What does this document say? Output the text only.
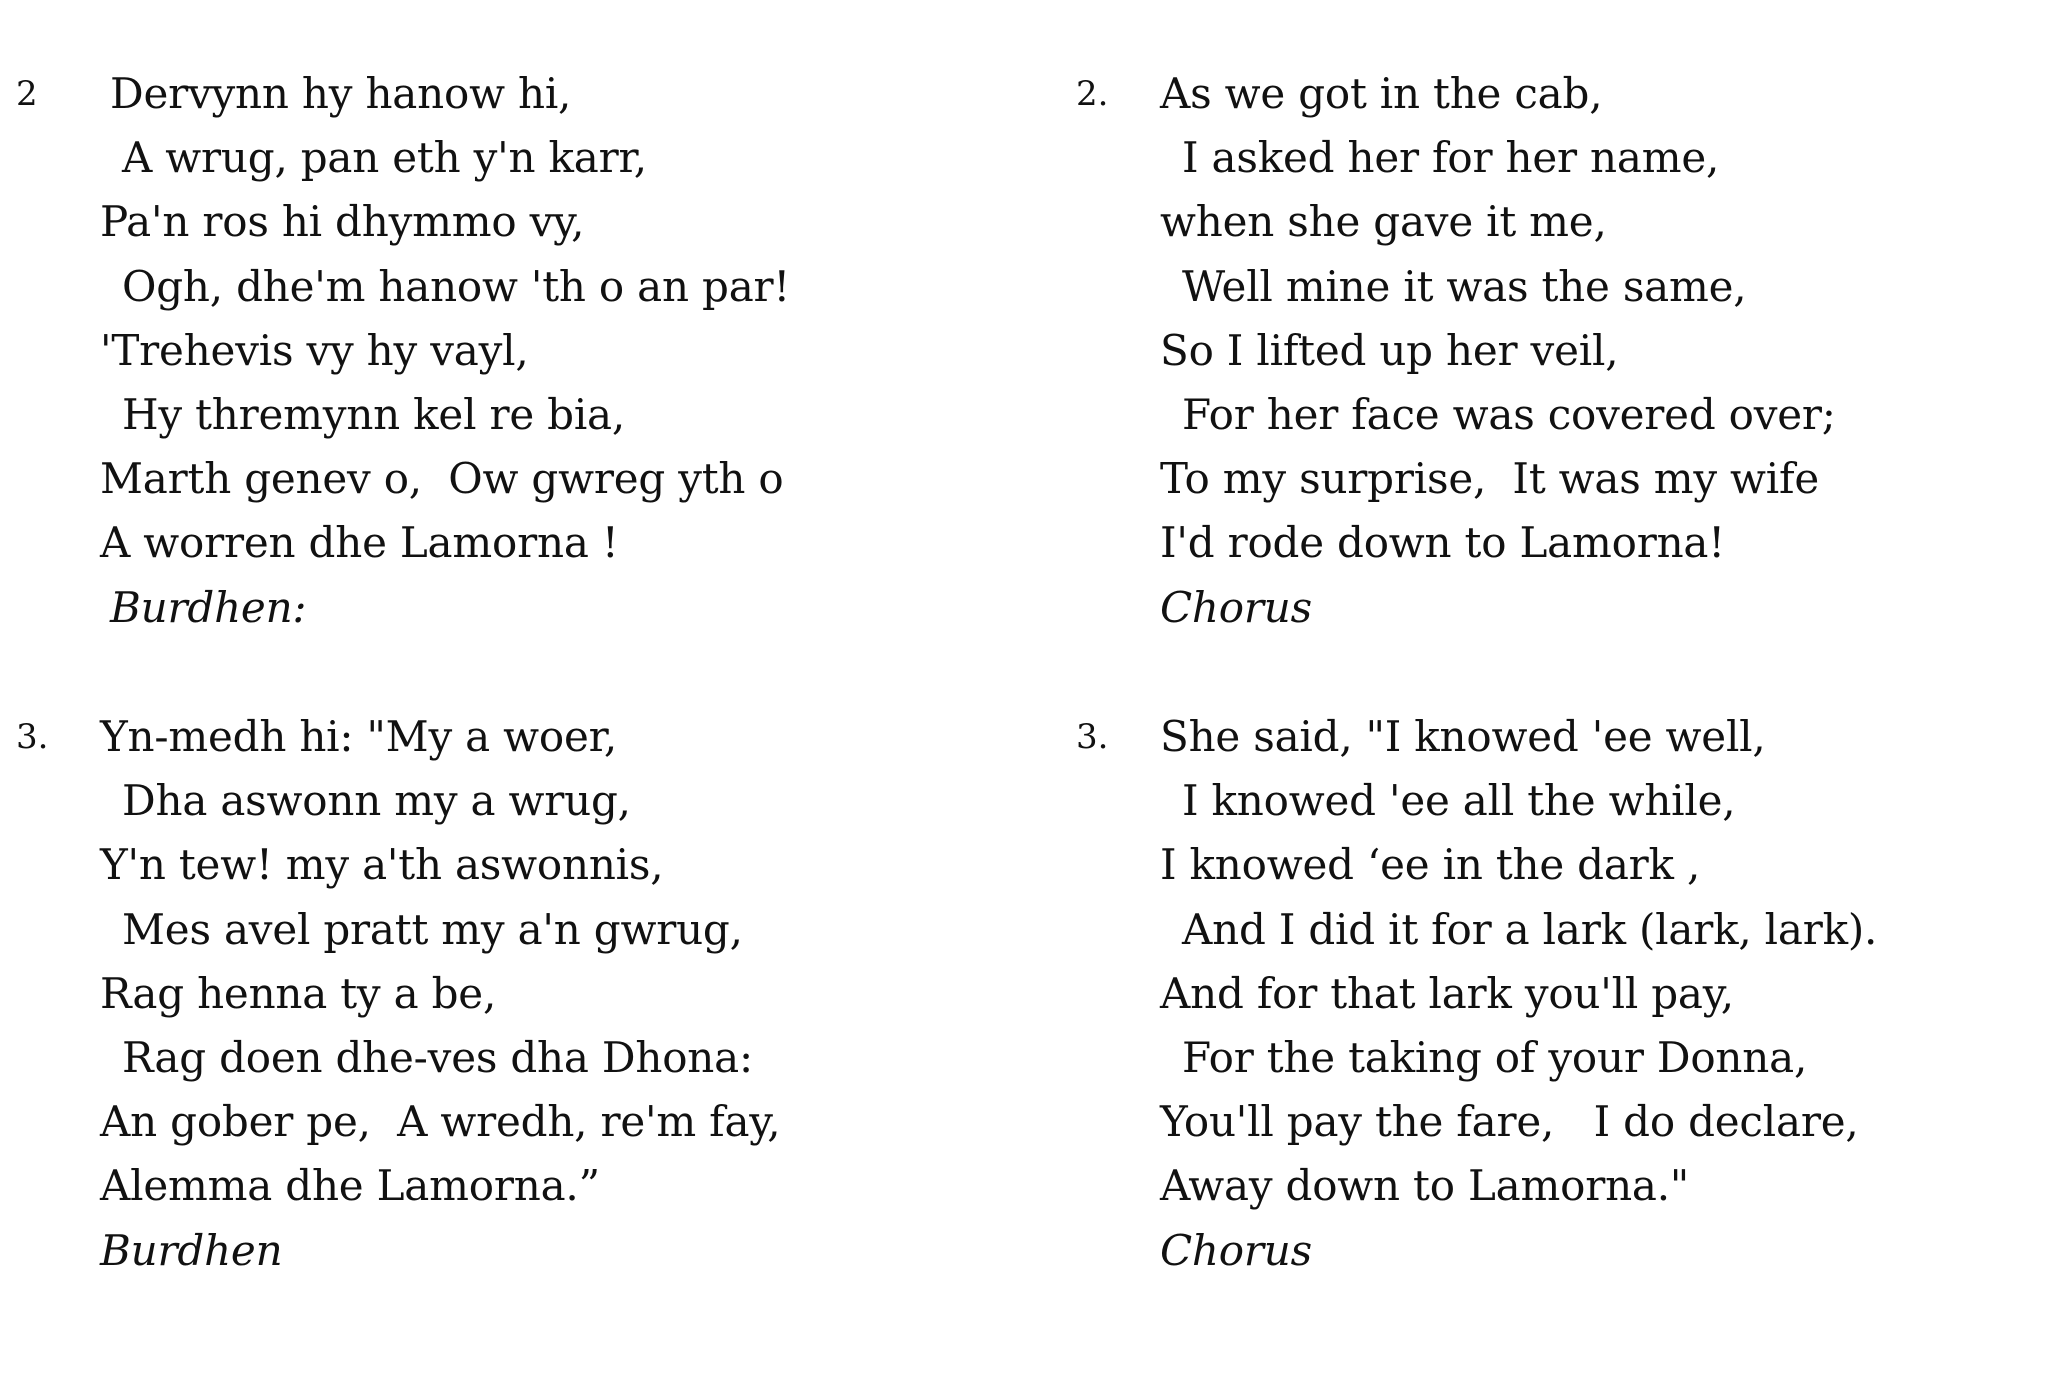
2 Dervynn hy hanow hi,
A wrug, pan eth y'n karr,
Pa'n ros hi dhymmo vy,
Ogh, dhe'm hanow 'th o an par!
'Trehevis vy hy vayl,
Hy thremynn kel re bia,
Marth genev o,  Ow gwreg yth o
A worren dhe Lamorna !
Burdhen:
3. Yn-medh hi: "My a woer,
Dha aswonn my a wrug,
Y'n tew! my a'th aswonnis,
Mes avel pratt my a'n gwrug,
Rag henna ty a be,
Rag doen dhe-ves dha Dhona:
An gober pe,  A wredh, re'm fay,
Alemma dhe Lamorna.”
Burdhen
2. As we got in the cab,
I asked her for her name,
when she gave it me,
Well mine it was the same,
So I lifted up her veil,
For her face was covered over;
To my surprise,  It was my wife
I'd rode down to Lamorna!
Chorus
3. She said, "I knowed 'ee well,
I knowed 'ee all the while,
I knowed ‘ee in the dark ,
And I did it for a lark (lark, lark).
And for that lark you'll pay,
For the taking of your Donna,
You'll pay the fare,   I do declare,
Away down to Lamorna."
Chorus
